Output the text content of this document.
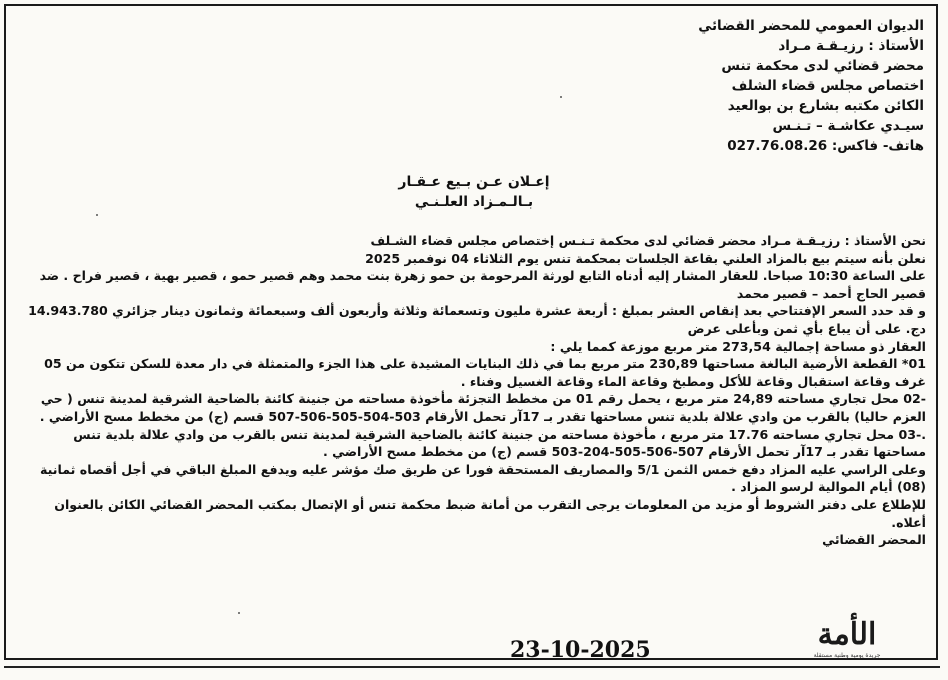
الديوان العمومي للمحضر القضائي
الأستاذ : رزيـقـة مـراد
محضر قضائي لدى محكمة تنس
اختصاص مجلس قضاء الشلف
الكائن مكتبه بشارع بن بوالعيد
سيـدي عكاشـة – تـنـس
هاتف- فاكس: 027.76.08.26
إعـلان عـن بـيع عـقـار
بـالـمـزاد العلـنـي

نحن الأستاذ : رزيـقـة مـراد محضر قضائي لدى محكمة تـنـس إختصاص مجلس قضاء الشـلف

نعلن بأنه سيتم بيع بالمزاد العلني بقاعة الجلسات بمحكمة تنس يوم الثلاثاء 04 نوفمبر 2025

على الساعة 10:30 صباحا. للعقار المشار إليه أدناه التابع لورثة المرحومة بن حمو زهرة بنت محمد وهم قصير حمو ، قصير بهية ، قصير فراح . ضد قصير الحاج أحمد – قصير محمد

و قد حدد السعر الإفتتاحي بعد إنقاص العشر بمبلغ : أربعة عشرة مليون وتسعمائة وثلاثة وأربعون ألف وسبعمائة وثمانون دينار جزائري 14.943.780 دج. على أن يباع بأي ثمن وبأعلى عرض

العقار ذو مساحة إجمالية 273,54 متر مربع موزعة كمما يلي :

01* القطعة الأرضية البالغة مساحتها 230,89 متر مربع بما في ذلك البنايات المشيدة على هذا الجزء والمتمثلة في دار معدة للسكن تتكون من 05 غرف وقاعة استقبال وقاعة للأكل ومطبخ وقاعة الماء وقاعة الغسيل وفناء .

-02 محل تجاري مساحته 24,89 متر مربع ، يحمل رقم 01 من مخطط التجزئة مأخوذة مساحته من جنينة كائنة بالضاحية الشرقية لمدينة تنس ( حي العزم حاليا) بالقرب من وادي علالة بلدية تنس مساحتها تقدر بـ 17آر تحمل الأرقام 503-504-505-506-507 قسم (ج) من مخطط مسح الأراضي .

.-03 محل تجاري مساحته 17.76 متر مربع ، مأخوذة مساحته من جنينة كائنة بالضاحية الشرقية لمدينة تنس بالقرب من وادي علالة بلدية تنس مساحتها تقدر بـ 17آر تحمل الأرقام 507-506-505-204-503 قسم (ج) من مخطط مسح الأراضي .

وعلى الراسي عليه المزاد دفع خمس الثمن 5/1 والمصاريف المستحقة فورا عن طريق صك مؤشر عليه ويدفع المبلغ الباقي في أجل أقصاه ثمانية (08) أيام الموالية لرسو المزاد .

للإطلاع على دفتر الشروط أو مزيد من المعلومات يرجى التقرب من أمانة ضبط محكمة تنس أو الإتصال بمكتب المحضر القضائي الكائن بالعنوان أعلاه.

المحضر القضائي

23-10-2025	الأمة
جريدة يومية وطنية مستقلة
